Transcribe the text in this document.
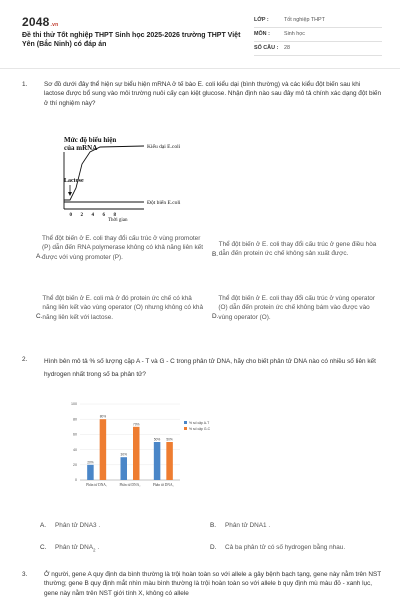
2048.vn
Đề thi thử Tốt nghiệp THPT Sinh học 2025-2026 trường THPT Việt Yên (Bắc Ninh) có đáp án
LỚP :	Tốt nghiệp THPT
MÔN :	Sinh học
SỐ CÂU :	28
1.	Sơ đồ dưới đây thể hiện sự biểu hiện mRNA ở tế bào E. coli kiểu dại (bình thường) và các kiểu đột biến sau khi lactose được bổ sung vào môi trường nuôi cấy cạn kiệt glucose. Nhận định nào sau đây mô tả chính xác dạng đột biến ở thí nghiệm này?
Mức độ biểu hiện
của mRNA	Kiểu dại E.coli
Đột biến E.coli
Lactose
0 2 4 6 8
Thời gian
A.
Thể đột biến ở E. coli thay đổi cấu trúc ở vùng promoter (P) dẫn đến RNA polymerase không có khả năng liên kết được với vùng promoter (P).	B.
Thể đột biến ở E. coli thay đổi cấu trúc ở gene điều hòa dẫn đến protein ức chế không sản xuất được.
C.
Thể đột biến ở E. coli mà ở đó protein ức chế có khả năng liên kết vào vùng operator (O) nhưng không có khả năng liên kết với lactose.	D.
Thể đột biến ở E. coli thay đổi cấu trúc ở vùng operator (O) dẫn đến protein ức chế không bám vào được vào vùng operator (O).
2.	Hình bên mô tả % số lượng cặp A - T và G - C trong phân tử DNA, hãy cho biết phân tử DNA nào có nhiều số liên kết hydrogen nhất trong số ba phân tử?
0
20
40
60
80
100
20%
80%
Phân tử DNA₁
30%
70%
Phân tử DNA₂
50% 50%
Phân tử DNA₃
% số cặp A-T
% số cặp G-C
A.	Phân tử DNA3 .	B.	Phân tử DNA1 .
C.	Phân tử $DNA_2$ .	D.	Cả ba phân tử có số hydrogen bằng nhau.
3.	Ở người, gene A quy định da bình thường là trội hoàn toàn so với allele a gây bệnh bạch tạng, gene này nằm trên NST thường; gene B quy định mắt nhìn màu bình thường là trội hoàn toàn so với allele b quy định mù màu đỏ - xanh lục, gene này nằm trên NST giới tính X, không có allele
